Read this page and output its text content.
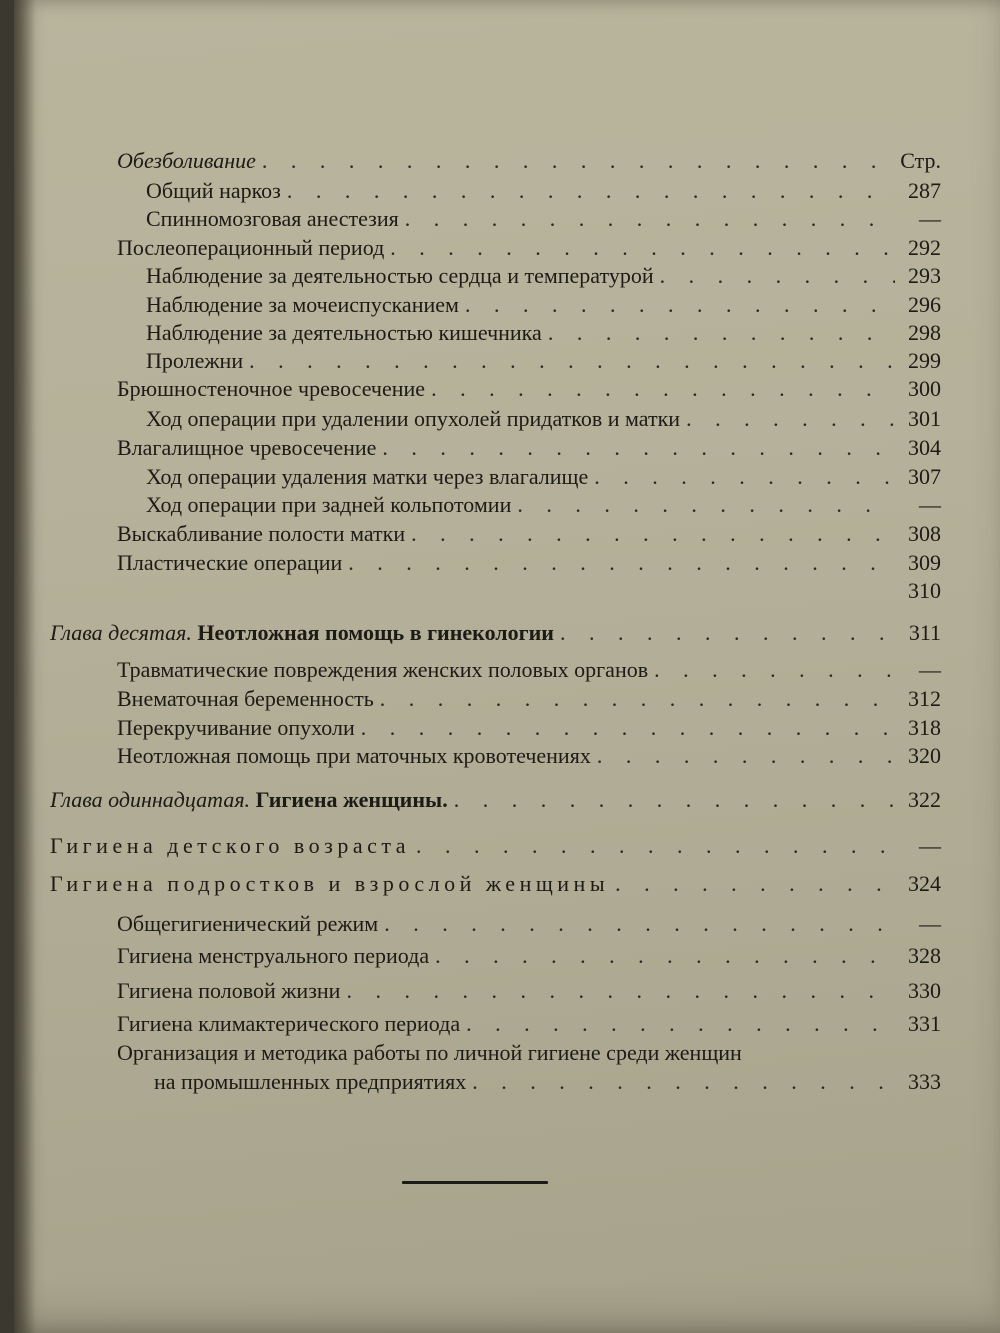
Обезболивание . . .	Стр.
Общий наркоз . . .	287
Спинномозговая анестезия . . .	—
Послеоперационный период . . .	292
Наблюдение за деятельностью сердца и температурой . . .	293
Наблюдение за мочеиспусканием . . .	296
Наблюдение за деятельностью кишечника . . .	298
Пролежни . . .	299
Брюшностеночное чревосечение . . .	300
Ход операции при удалении опухолей придатков и матки . . .	301
Влагалищное чревосечение . . .	304
Ход операции удаления матки через влагалище . . .	307
Ход операции при задней кольпотомии . . .	—
Выскабливание полости матки . . .	308
Пластические операции . . .	309
310
Глава десятая. Неотложная помощь в гинекологии . . .	311
Травматические повреждения женских половых органов . . .	—
Внематочная беременность . . .	312
Перекручивание опухоли . . .	318
Неотложная помощь при маточных кровотечениях . . .	320
Глава одиннадцатая. Гигиена женщины. . . .	322
Гигиена детского возраста . . .	—
Гигиена подростков и взрослой женщины . . .	324
Общегигиенический режим . . .	—
Гигиена менструального периода . . .	328
Гигиена половой жизни . . .	330
Гигиена климактерического периода . . .	331
Организация и методика работы по личной гигиене среди женщин
на промышленных предприятиях . . .	333
